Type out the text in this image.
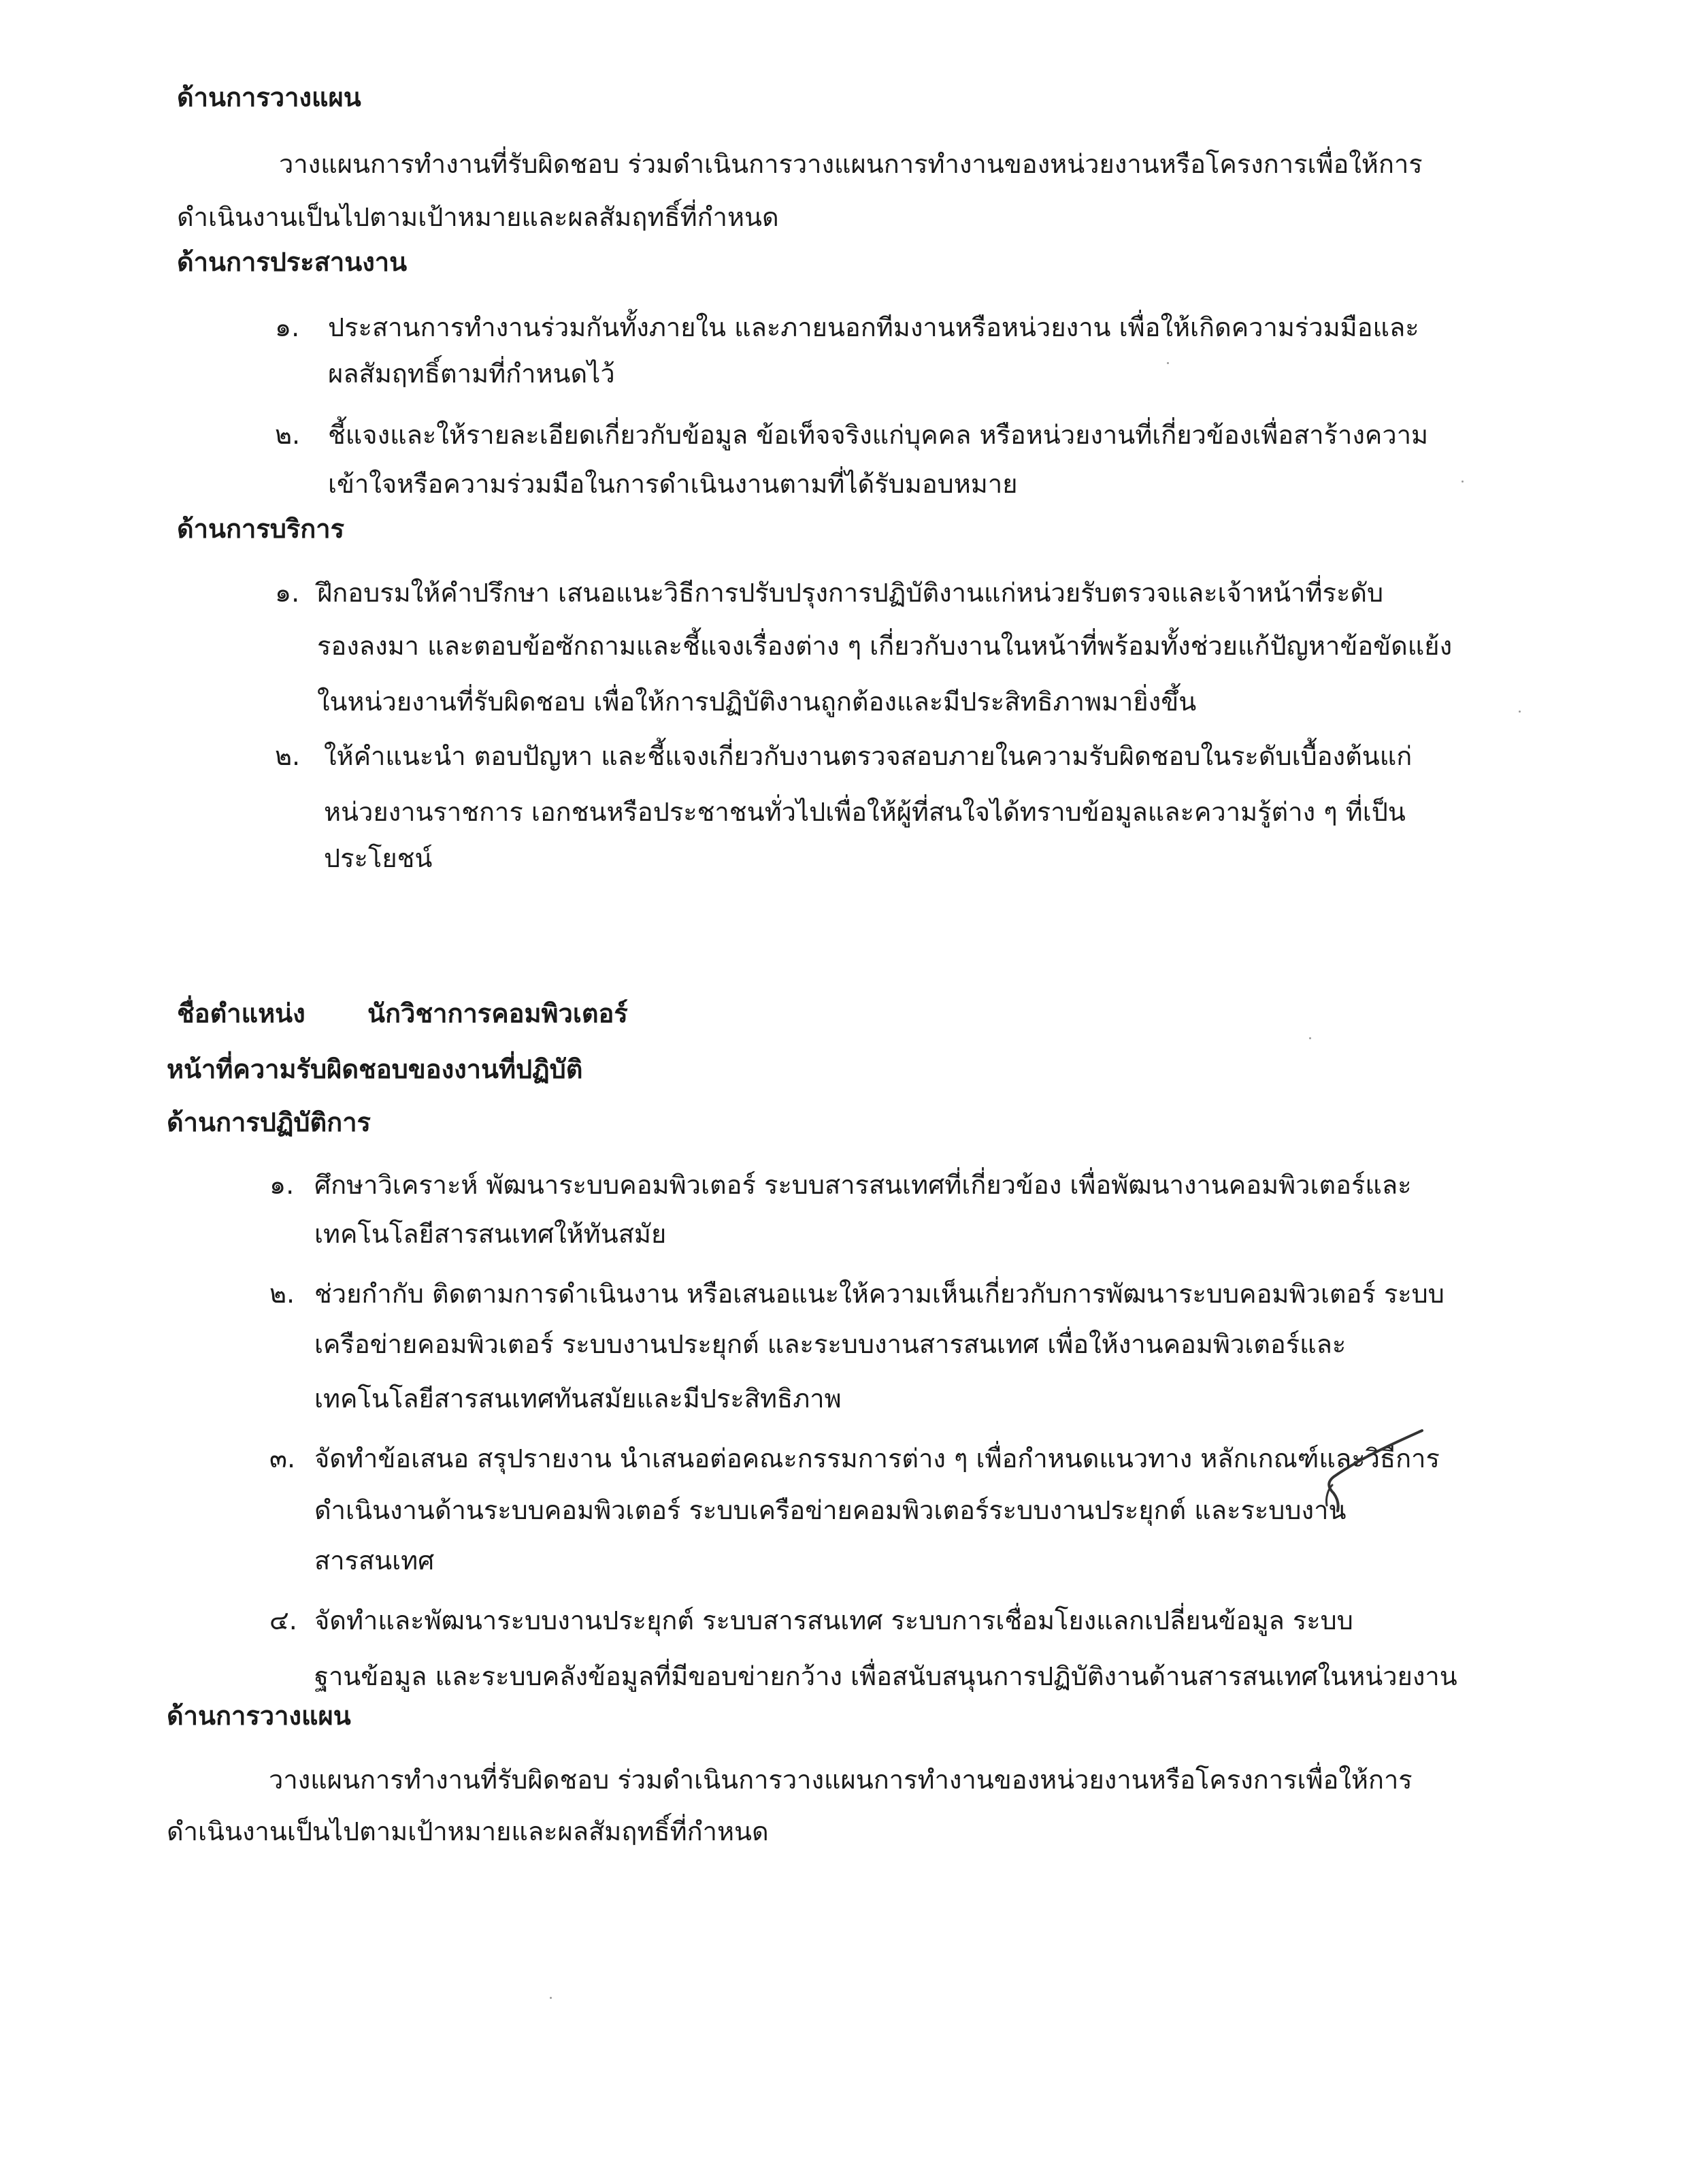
ด้านการวางแผน
วางแผนการทำงานที่รับผิดชอบ ร่วมดำเนินการวางแผนการทำงานของหน่วยงานหรือโครงการเพื่อให้การ
ดำเนินงานเป็นไปตามเป้าหมายและผลสัมฤทธิ์ที่กำหนด
ด้านการประสานงาน
๑. ประสานการทำงานร่วมกันทั้งภายใน และภายนอกทีมงานหรือหน่วยงาน เพื่อให้เกิดความร่วมมือและ
ผลสัมฤทธิ์ตามที่กำหนดไว้
๒. ชี้แจงและให้รายละเอียดเกี่ยวกับข้อมูล ข้อเท็จจริงแก่บุคคล หรือหน่วยงานที่เกี่ยวข้องเพื่อสาร้างความ
เข้าใจหรือความร่วมมือในการดำเนินงานตามที่ได้รับมอบหมาย
ด้านการบริการ
๑. ฝึกอบรมให้คำปรึกษา เสนอแนะวิธีการปรับปรุงการปฏิบัติงานแก่หน่วยรับตรวจและเจ้าหน้าที่ระดับ
รองลงมา และตอบข้อซักถามและชี้แจงเรื่องต่าง ๆ เกี่ยวกับงานในหน้าที่พร้อมทั้งช่วยแก้ปัญหาข้อขัดแย้ง
ในหน่วยงานที่รับผิดชอบ เพื่อให้การปฏิบัติงานถูกต้องและมีประสิทธิภาพมายิ่งขึ้น
๒. ให้คำแนะนำ ตอบปัญหา และชี้แจงเกี่ยวกับงานตรวจสอบภายในความรับผิดชอบในระดับเบื้องต้นแก่
หน่วยงานราชการ เอกชนหรือประชาชนทั่วไปเพื่อให้ผู้ที่สนใจได้ทราบข้อมูลและความรู้ต่าง ๆ ที่เป็น
ประโยชน์
ชื่อตำแหน่ง นักวิชาการคอมพิวเตอร์
หน้าที่ความรับผิดชอบของงานที่ปฏิบัติ
ด้านการปฏิบัติการ
๑. ศึกษาวิเคราะห์ พัฒนาระบบคอมพิวเตอร์ ระบบสารสนเทศที่เกี่ยวข้อง เพื่อพัฒนางานคอมพิวเตอร์และ
เทคโนโลยีสารสนเทศให้ทันสมัย
๒. ช่วยกำกับ ติดตามการดำเนินงาน หรือเสนอแนะให้ความเห็นเกี่ยวกับการพัฒนาระบบคอมพิวเตอร์ ระบบ
เครือข่ายคอมพิวเตอร์ ระบบงานประยุกต์ และระบบงานสารสนเทศ เพื่อให้งานคอมพิวเตอร์และ
เทคโนโลยีสารสนเทศทันสมัยและมีประสิทธิภาพ
๓. จัดทำข้อเสนอ สรุปรายงาน นำเสนอต่อคณะกรรมการต่าง ๆ เพื่อกำหนดแนวทาง หลักเกณฑ์และวิธีการ
ดำเนินงานด้านระบบคอมพิวเตอร์ ระบบเครือข่ายคอมพิวเตอร์ระบบงานประยุกต์ และระบบงาน
สารสนเทศ
๔. จัดทำและพัฒนาระบบงานประยุกต์ ระบบสารสนเทศ ระบบการเชื่อมโยงแลกเปลี่ยนข้อมูล ระบบ
ฐานข้อมูล และระบบคลังข้อมูลที่มีขอบข่ายกว้าง เพื่อสนับสนุนการปฏิบัติงานด้านสารสนเทศในหน่วยงาน
ด้านการวางแผน
วางแผนการทำงานที่รับผิดชอบ ร่วมดำเนินการวางแผนการทำงานของหน่วยงานหรือโครงการเพื่อให้การ
ดำเนินงานเป็นไปตามเป้าหมายและผลสัมฤทธิ์ที่กำหนด
